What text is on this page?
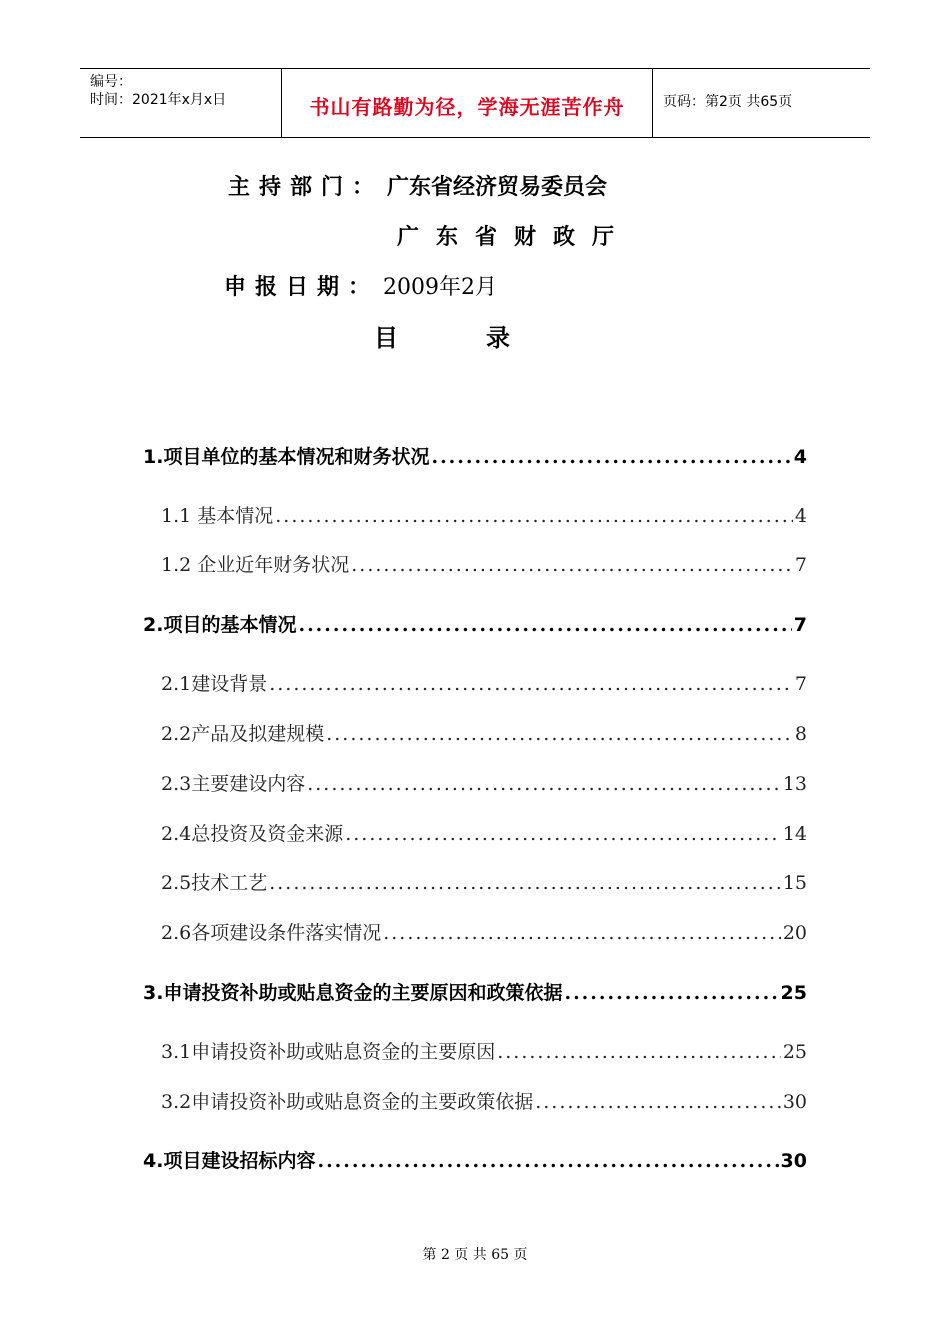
编号：
时间：2021年x月x日	书山有路勤为径，学海无涯苦作舟	页码：第2页 共65页
主持部门： 广东省经济贸易委员会
广东省财政厅
申报日期： 2009年2月
目	录
1.项目单位的基本情况和财务状况 .....	4
1.1 基本情况 .....	4
1.2 企业近年财务状况 .....	7
2.项目的基本情况 .....	7
2.1建设背景 .....	7
2.2产品及拟建规模 .....	8
2.3主要建设内容 .....	13
2.4总投资及资金来源 .....	14
2.5技术工艺 .....	15
2.6各项建设条件落实情况 .....	20
3.申请投资补助或贴息资金的主要原因和政策依据 .....	25
3.1申请投资补助或贴息资金的主要原因 .....	25
3.2申请投资补助或贴息资金的主要政策依据 .....	30
4.项目建设招标内容 .....	30
第 2 页 共 65 页
